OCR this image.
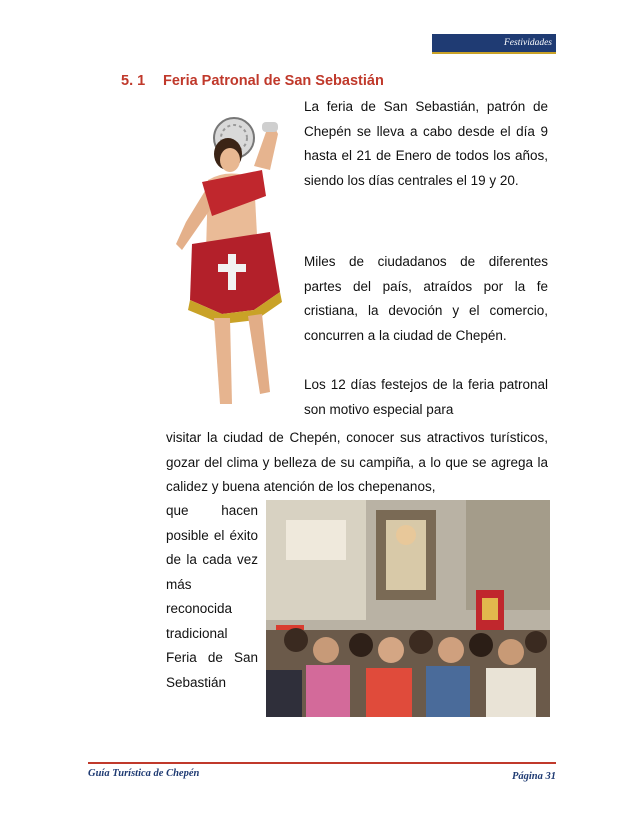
Festividades
5. 1 Feria Patronal de San Sebastián

La feria de San Sebastián, patrón de Chepén se lleva a cabo desde el día 9 hasta el 21 de Enero de todos los años, siendo los días centrales el 19 y 20.

Miles de ciudadanos de diferentes partes del país, atraídos por la fe cristiana, la devoción y el comercio, concurren a la ciudad de Chepén.

Los 12 días festejos de la feria patronal son motivo especial para

visitar la ciudad de Chepén, conocer sus atractivos turísticos, gozar del clima y belleza de su campiña, a lo que se agrega la calidez y buena atención de los chepenanos,

que hacen posible el éxito de la cada vez más reconocida tradicional Feria de San Sebastián

Guía Turística de Chepén	Página 31
